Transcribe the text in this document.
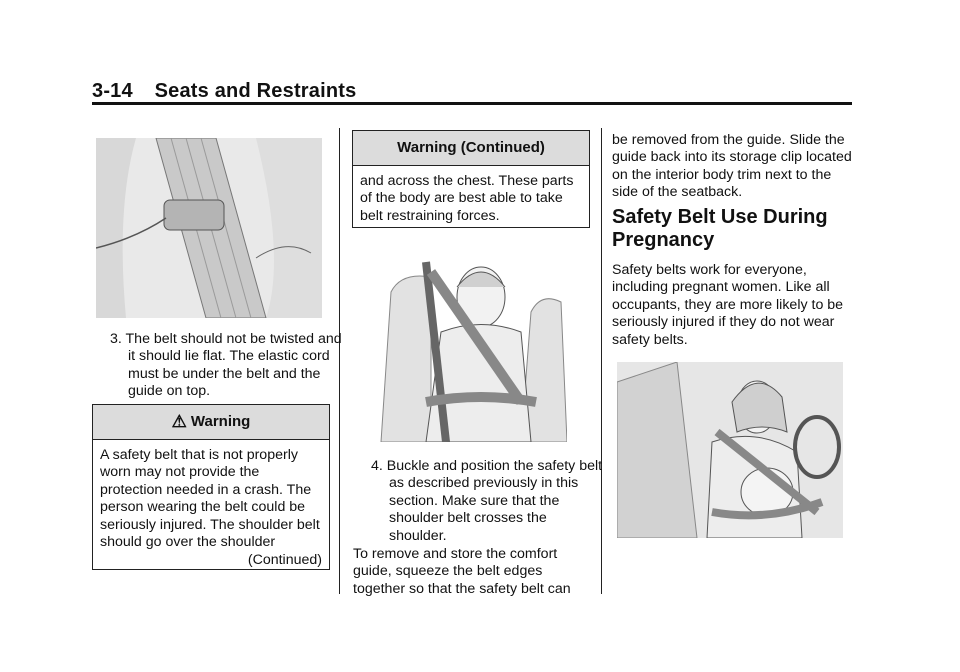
3-14 Seats and Restraints
3. The belt should not be twisted and it should lie flat. The elastic cord must be under the belt and the guide on top.
⚠ Warning
A safety belt that is not properly worn may not provide the protection needed in a crash. The person wearing the belt could be seriously injured. The shoulder belt should go over the shoulder
(Continued)
Warning (Continued)
and across the chest. These parts of the body are best able to take belt restraining forces.
4. Buckle and position the safety belt as described previously in this section. Make sure that the shoulder belt crosses the shoulder.
To remove and store the comfort guide, squeeze the belt edges together so that the safety belt can
be removed from the guide. Slide the guide back into its storage clip located on the interior body trim next to the side of the seatback.
Safety Belt Use During Pregnancy
Safety belts work for everyone, including pregnant women. Like all occupants, they are more likely to be seriously injured if they do not wear safety belts.
